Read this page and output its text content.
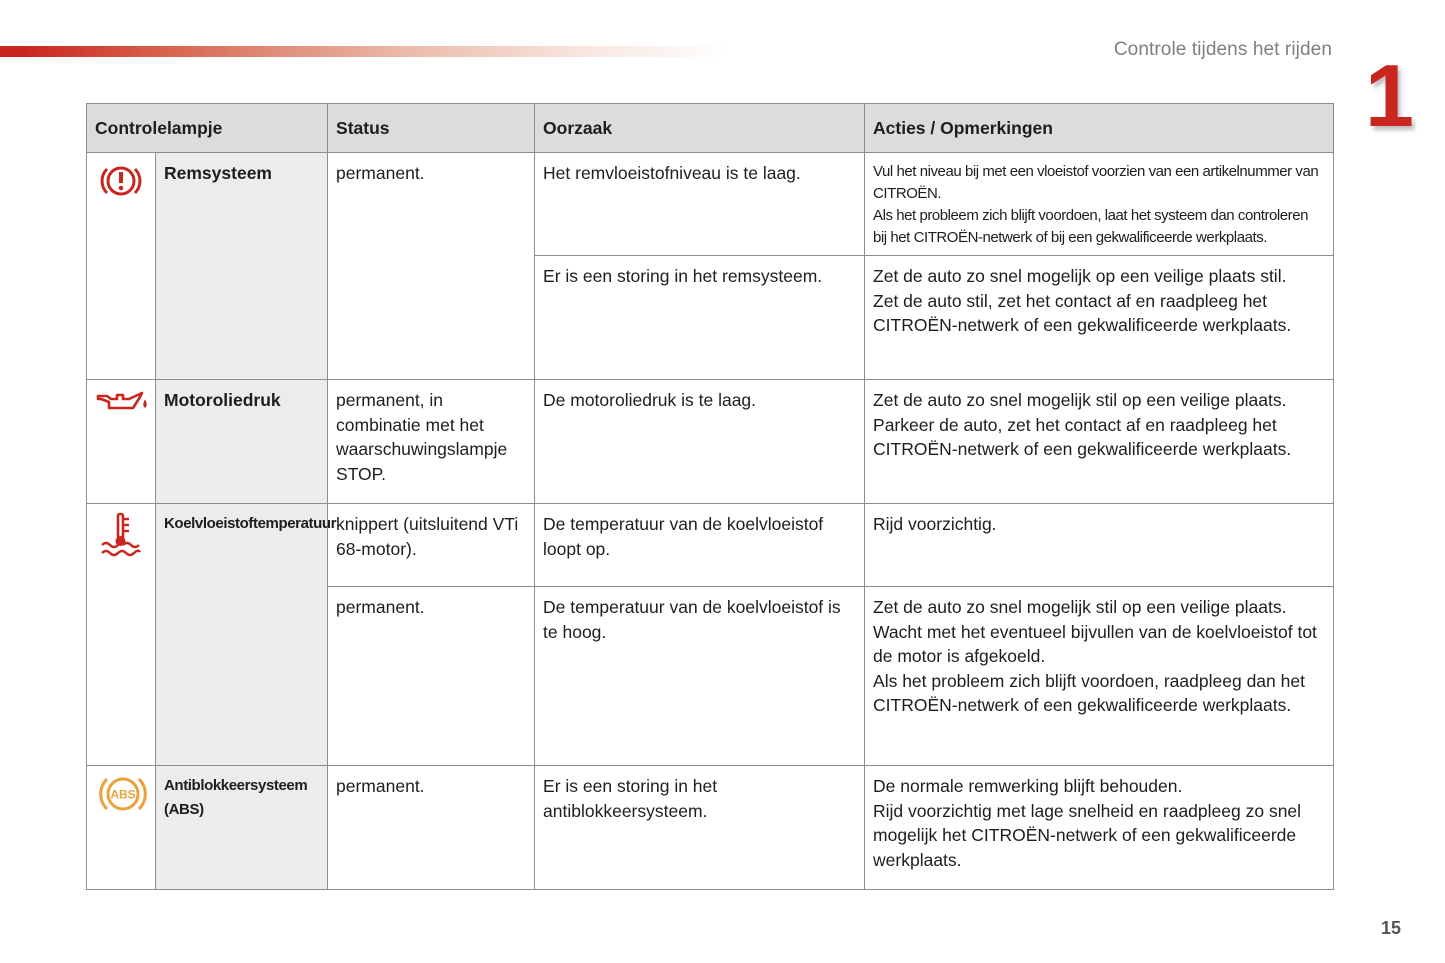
Controle tijdens het rijden 1
Controlelampje		Status	Oorzaak	Acties / Opmerkingen

	Remsysteem	permanent.	Het remvloeistofniveau is te laag.	Vul het niveau bij met een vloeistof voorzien van een artikelnummer van CITROËN.
Als het probleem zich blijft voordoen, laat het systeem dan controleren bij het CITROËN-netwerk of bij een gekwalificeerde werkplaats.
			Er is een storing in het remsysteem.	Zet de auto zo snel mogelijk op een veilige plaats stil.
Zet de auto stil, zet het contact af en raadpleeg het CITROËN-netwerk of een gekwalificeerde werkplaats.

	Motoroliedruk	permanent, in combinatie met het waarschuwingslampje STOP.	De motoroliedruk is te laag.	Zet de auto zo snel mogelijk stil op een veilige plaats.
Parkeer de auto, zet het contact af en raadpleeg het CITROËN-netwerk of een gekwalificeerde werkplaats.

	Koelvloeistoftemperatuur	knippert (uitsluitend VTi 68-motor).	De temperatuur van de koelvloeistof loopt op.	Rijd voorzichtig.
		permanent.	De temperatuur van de koelvloeistof is te hoog.	Zet de auto zo snel mogelijk stil op een veilige plaats.
Wacht met het eventueel bijvullen van de koelvloeistof tot de motor is afgekoeld.
Als het probleem zich blijft voordoen, raadpleeg dan het CITROËN-netwerk of een gekwalificeerde werkplaats.

ABS	Antiblokkeersysteem (ABS)	permanent.	Er is een storing in het antiblokkeersysteem.	De normale remwerking blijft behouden.
Rijd voorzichtig met lage snelheid en raadpleeg zo snel mogelijk het CITROËN-netwerk of een gekwalificeerde werkplaats.
15
